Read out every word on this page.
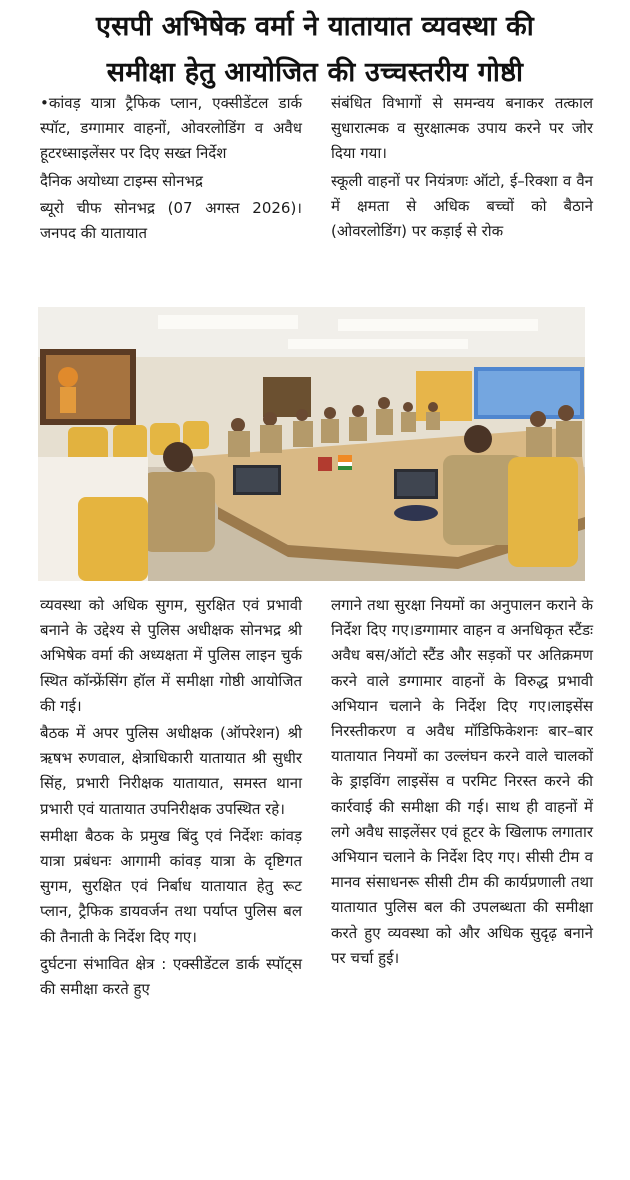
एसपी अभिषेक वर्मा ने यातायात व्यवस्था की
समीक्षा हेतु आयोजित की उच्चस्तरीय गोष्ठी

•कांवड़ यात्रा ट्रैफिक प्लान, एक्सीडेंटल डार्क स्पॉट, डग्गामार वाहनों, ओवरलोडिंग व अवैध हूटरध्साइलेंसर पर दिए सख्त निर्देश

दैनिक अयोध्या टाइम्स सोनभद्र

ब्यूरो चीफ सोनभद्र (07 अगस्त 2026)। जनपद की यातायात

संबंधित विभागों से समन्वय बनाकर तत्काल सुधारात्मक व सुरक्षात्मक उपाय करने पर जोर दिया गया।

स्कूली वाहनों पर नियंत्रणः ऑटो, ई–रिक्शा व वैन में क्षमता से अधिक बच्चों को बैठाने (ओवरलोडिंग) पर कड़ाई से रोक

व्यवस्था को अधिक सुगम, सुरक्षित एवं प्रभावी बनाने के उद्देश्य से पुलिस अधीक्षक सोनभद्र श्री अभिषेक वर्मा की अध्यक्षता में पुलिस लाइन चुर्क स्थित कॉन्फ्रेंसिंग हॉल में समीक्षा गोष्ठी आयोजित की गई।

बैठक में अपर पुलिस अधीक्षक (ऑपरेशन) श्री ऋषभ रुणवाल, क्षेत्राधिकारी यातायात श्री सुधीर सिंह, प्रभारी निरीक्षक यातायात, समस्त थाना प्रभारी एवं यातायात उपनिरीक्षक उपस्थित रहे।

समीक्षा बैठक के प्रमुख बिंदु एवं निर्देशः कांवड़ यात्रा प्रबंधनः आगामी कांवड़ यात्रा के दृष्टिगत सुगम, सुरक्षित एवं निर्बाध यातायात हेतु रूट प्लान, ट्रैफिक डायवर्जन तथा पर्याप्त पुलिस बल की तैनाती के निर्देश दिए गए।

दुर्घटना संभावित क्षेत्र : एक्सीडेंटल डार्क स्पॉट्स की समीक्षा करते हुए

लगाने तथा सुरक्षा नियमों का अनुपालन कराने के निर्देश दिए गए।डग्गामार वाहन व अनधिकृत स्टैंडः अवैध बस/ऑटो स्टैंड और सड़कों पर अतिक्रमण करने वाले डग्गामार वाहनों के विरुद्ध प्रभावी अभियान चलाने के निर्देश दिए गए।लाइसेंस निरस्तीकरण व अवैध मॉडिफिकेशनः बार–बार यातायात नियमों का उल्लंघन करने वाले चालकों के ड्राइविंग लाइसेंस व परमिट निरस्त करने की कार्रवाई की समीक्षा की गई। साथ ही वाहनों में लगे अवैध साइलेंसर एवं हूटर के खिलाफ लगातार अभियान चलाने के निर्देश दिए गए। सीसी टीम व मानव संसाधनरू सीसी टीम की कार्यप्रणाली तथा यातायात पुलिस बल की उपलब्धता की समीक्षा करते हुए व्यवस्था को और अधिक सुदृढ़ बनाने पर चर्चा हुई।
